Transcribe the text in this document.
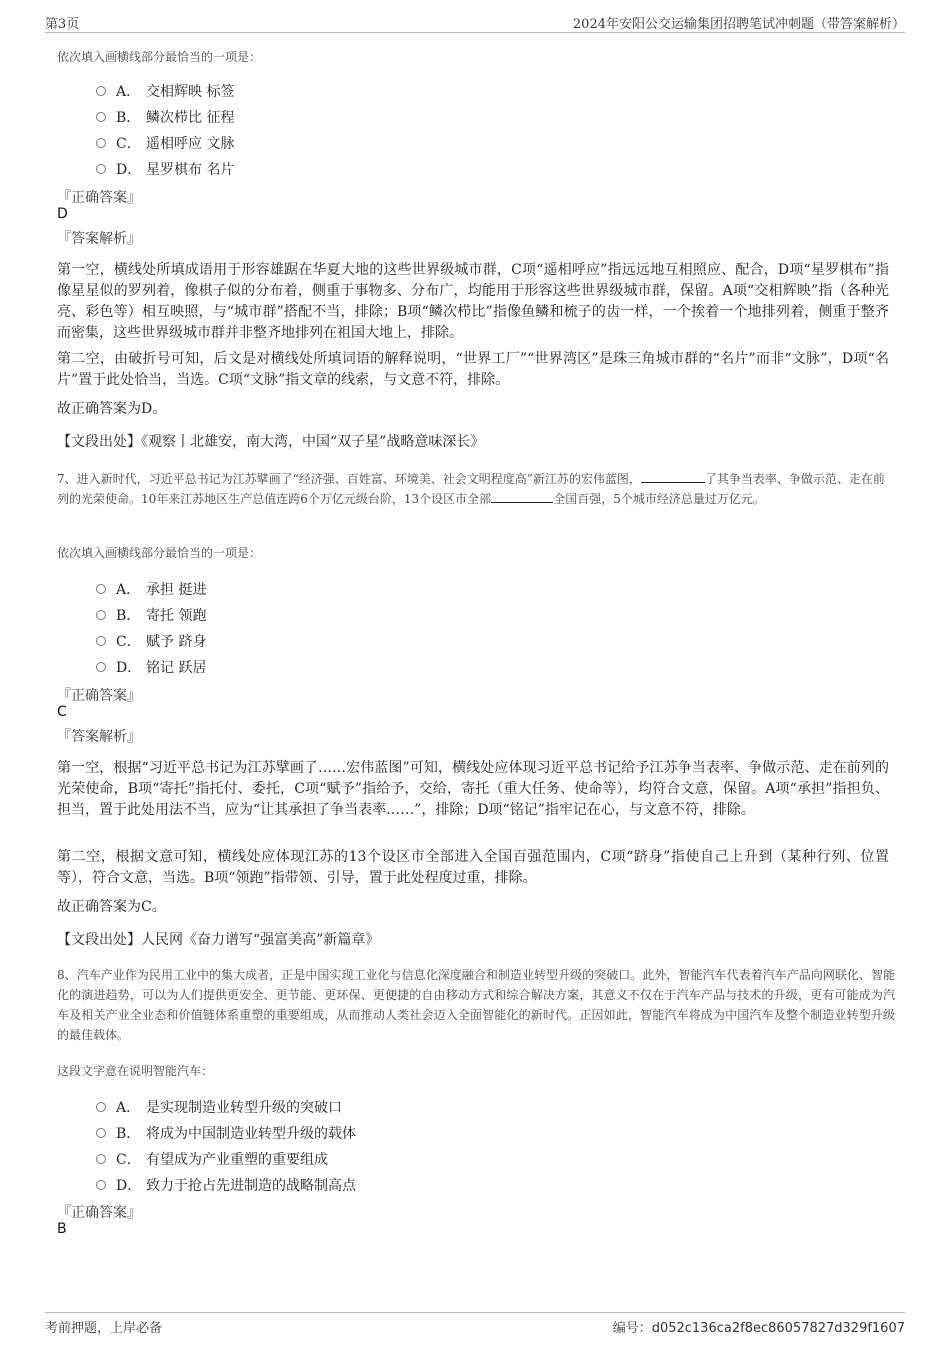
第3页	2024年安阳公交运输集团招聘笔试冲刺题（带答案解析）
依次填入画横线部分最恰当的一项是：
A． 交相辉映 标签
B． 鳞次栉比 征程
C． 遥相呼应 文脉
D． 星罗棋布 名片
『正确答案』
D
『答案解析』
第一空，横线处所填成语用于形容雄踞在华夏大地的这些世界级城市群，C项“遥相呼应”指远远地互相照应、配合，D项“星罗棋布”指像星星似的罗列着，像棋子似的分布着，侧重于事物多、分布广，均能用于形容这些世界级城市群，保留。A项“交相辉映”指（各种光亮、彩色等）相互映照，与“城市群”搭配不当，排除；B项“鳞次栉比”指像鱼鳞和梳子的齿一样，一个挨着一个地排列着，侧重于整齐而密集，这些世界级城市群并非整齐地排列在祖国大地上，排除。
第二空，由破折号可知，后文是对横线处所填词语的解释说明，“世界工厂”“世界湾区”是珠三角城市群的“名片”而非“文脉”，D项“名片”置于此处恰当，当选。C项“文脉”指文章的线索，与文意不符，排除。
故正确答案为D。
【文段出处】《观察丨北雄安，南大湾，中国“双子星”战略意味深长》
7、进入新时代，习近平总书记为江苏擘画了“经济强、百姓富、环境美、社会文明程度高”新江苏的宏伟蓝图，	了其争当表率、争做示范、走在前列的光荣使命。10年来江苏地区生产总值连跨6个万亿元级台阶，13个设区市全部	全国百强，5个城市经济总量过万亿元。
依次填入画横线部分最恰当的一项是：
A． 承担 挺进
B． 寄托 领跑
C． 赋予 跻身
D． 铭记 跃居
『正确答案』
C
『答案解析』
第一空，根据“习近平总书记为江苏擘画了……宏伟蓝图”可知，横线处应体现习近平总书记给予江苏争当表率、争做示范、走在前列的光荣使命，B项“寄托”指托付、委托，C项“赋予”指给予，交给，寄托（重大任务、使命等），均符合文意，保留。A项“承担”指担负、担当，置于此处用法不当，应为“让其承担了争当表率……”，排除；D项“铭记”指牢记在心，与文意不符，排除。
第二空，根据文意可知，横线处应体现江苏的13个设区市全部进入全国百强范围内，C项“跻身”指使自己上升到（某种行列、位置等），符合文意，当选。B项“领跑”指带领、引导，置于此处程度过重，排除。
故正确答案为C。
【文段出处】人民网《奋力谱写“强富美高”新篇章》
8、汽车产业作为民用工业中的集大成者，正是中国实现工业化与信息化深度融合和制造业转型升级的突破口。此外，智能汽车代表着汽车产品向网联化、智能化的演进趋势，可以为人们提供更安全、更节能、更环保、更便捷的自由移动方式和综合解决方案，其意义不仅在于汽车产品与技术的升级，更有可能成为汽车及相关产业全业态和价值链体系重塑的重要组成，从而推动人类社会迈入全面智能化的新时代。正因如此，智能汽车将成为中国汽车及整个制造业转型升级的最佳载体。
这段文字意在说明智能汽车：
A． 是实现制造业转型升级的突破口
B． 将成为中国制造业转型升级的载体
C． 有望成为产业重塑的重要组成
D． 致力于抢占先进制造的战略制高点
『正确答案』
B
考前押题，上岸必备	编号：d052c136ca2f8ec86057827d329f1607
